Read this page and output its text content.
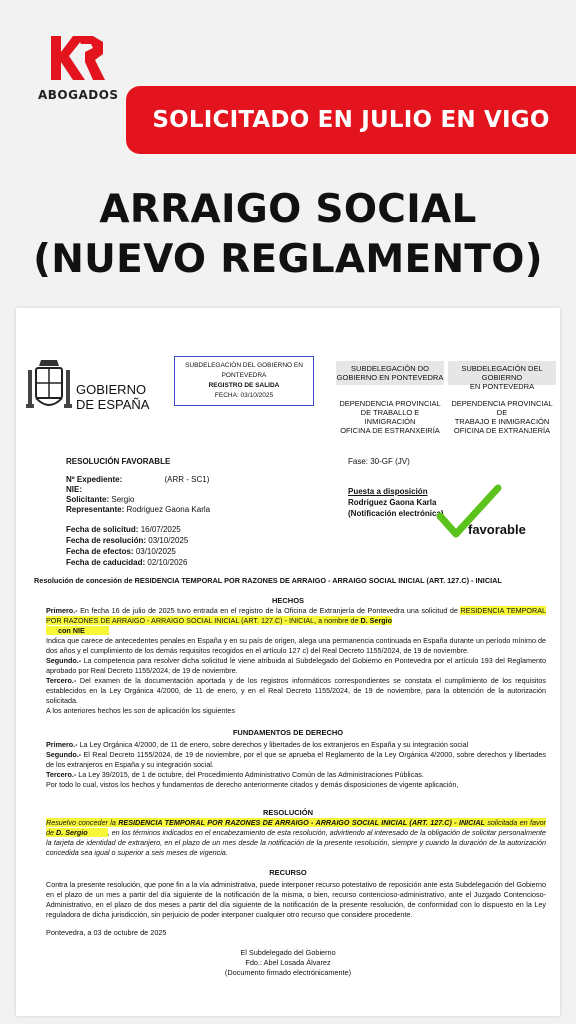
ABOGADOS
SOLICITADO EN JULIO EN VIGO
ARRAIGO SOCIAL
(NUEVO REGLAMENTO)
GOBIERNO
DE ESPAÑA
SUBDELEGACIÓN DEL GOBIERNO EN
PONTEVEDRA
REGISTRO DE SALIDA
FECHA: 03/10/2025
SUBDELEGACIÓN DO
GOBIERNO EN PONTEVEDRA
SUBDELEGACIÓN DEL GOBIERNO
EN PONTEVEDRA
DEPENDENCIA PROVINCIAL
DE TRABALLO E INMIGRACIÓN
OFICINA DE ESTRANXEIRÍA
DEPENDENCIA PROVINCIAL DE
TRABAJO E INMIGRACIÓN
OFICINA DE EXTRANJERÍA
RESOLUCIÓN FAVORABLE	Fase: 30-GF (JV)
Nº Expediente:	(ARR - SC1)
NIE:
Solicitante: Sergio
Representante: Rodriguez Gaona Karla
Puesta a disposición
Rodriguez Gaona Karla
(Notificación electrónica)
favorable
Fecha de solicitud: 16/07/2025
Fecha de resolución: 03/10/2025
Fecha de efectos: 03/10/2025
Fecha de caducidad: 02/10/2026
Resolución de concesión de RESIDENCIA TEMPORAL POR RAZONES DE ARRAIGO - ARRAIGO SOCIAL INICIAL (ART. 127.C) - INICIAL
HECHOS

Primero.- En fecha 16 de julio de 2025 tuvo entrada en el registro de la Oficina de Extranjería de Pontevedra una solicitud de RESIDENCIA TEMPORAL POR RAZONES DE ARRAIGO - ARRAIGO SOCIAL INICIAL (ART. 127.C) - INICIAL, a nombre de D. Sergio
con NIE

Indica que carece de antecedentes penales en España y en su país de origen, alega una permanencia continuada en España durante un período mínimo de dos años y el cumplimiento de los demás requisitos recogidos en el artículo 127 c) del Real Decreto 1155/2024, de 19 de noviembre.

Segundo.- La competencia para resolver dicha solicitud le viene atribuida al Subdelegado del Gobierno en Pontevedra por el artículo 193 del Reglamento aprobado por Real Decreto 1155/2024, de 19 de noviembre.

Tercero.- Del examen de la documentación aportada y de los registros informáticos correspondientes se constata el cumplimiento de los requisitos establecidos en la Ley Orgánica 4/2000, de 11 de enero, y en el Real Decreto 1155/2024, de 19 de noviembre, para la obtención de la autorización solicitada.

A los anteriores hechos les son de aplicación los siguientes

FUNDAMENTOS DE DERECHO

Primero.- La Ley Orgánica 4/2000, de 11 de enero, sobre derechos y libertades de los extranjeros en España y su integración social

Segundo.- El Real Decreto 1155/2024, de 19 de noviembre, por el que se aprueba el Reglamento de la Ley Orgánica 4/2000, sobre derechos y libertades de los extranjeros en España y su integración social.

Tercero.- La Ley 39/2015, de 1 de octubre, del Procedimiento Administrativo Común de las Administraciones Públicas.

Por todo lo cual, vistos los hechos y fundamentos de derecho anteriormente citados y demás disposiciones de vigente aplicación,

RESOLUCIÓN

Resuelvo conceder la RESIDENCIA TEMPORAL POR RAZONES DE ARRAIGO - ARRAIGO SOCIAL INICIAL (ART. 127.C) - INICIAL solicitada en favor de D. Sergio	, en los términos indicados en el encabezamiento de esta resolución, advirtiendo al interesado de la obligación de solicitar personalmente la tarjeta de identidad de extranjero, en el plazo de un mes desde la notificación de la presente resolución, siempre y cuando la duración de la autorización concedida sea igual o superior a seis meses de vigencia.

RECURSO
Contra la presente resolución, que pone fin a la vía administrativa, puede interponer recurso potestativo de reposición ante esta Subdelegación del Gobierno en el plazo de un mes a partir del día siguiente de la notificación de la misma, o bien, recurso contencioso-administrativo, ante el Juzgado Contencioso-Administrativo, en el plazo de dos meses a partir del día siguiente de la notificación de la presente resolución, de conformidad con lo dispuesto en la Ley reguladora de dicha jurisdicción, sin perjuicio de poder interponer cualquier otro recurso que considere procedente.
Pontevedra, a 03 de octubre de 2025
El Subdelegado del Gobierno
Fdo.: Abel Losada Álvarez
(Documento firmado electrónicamente)
